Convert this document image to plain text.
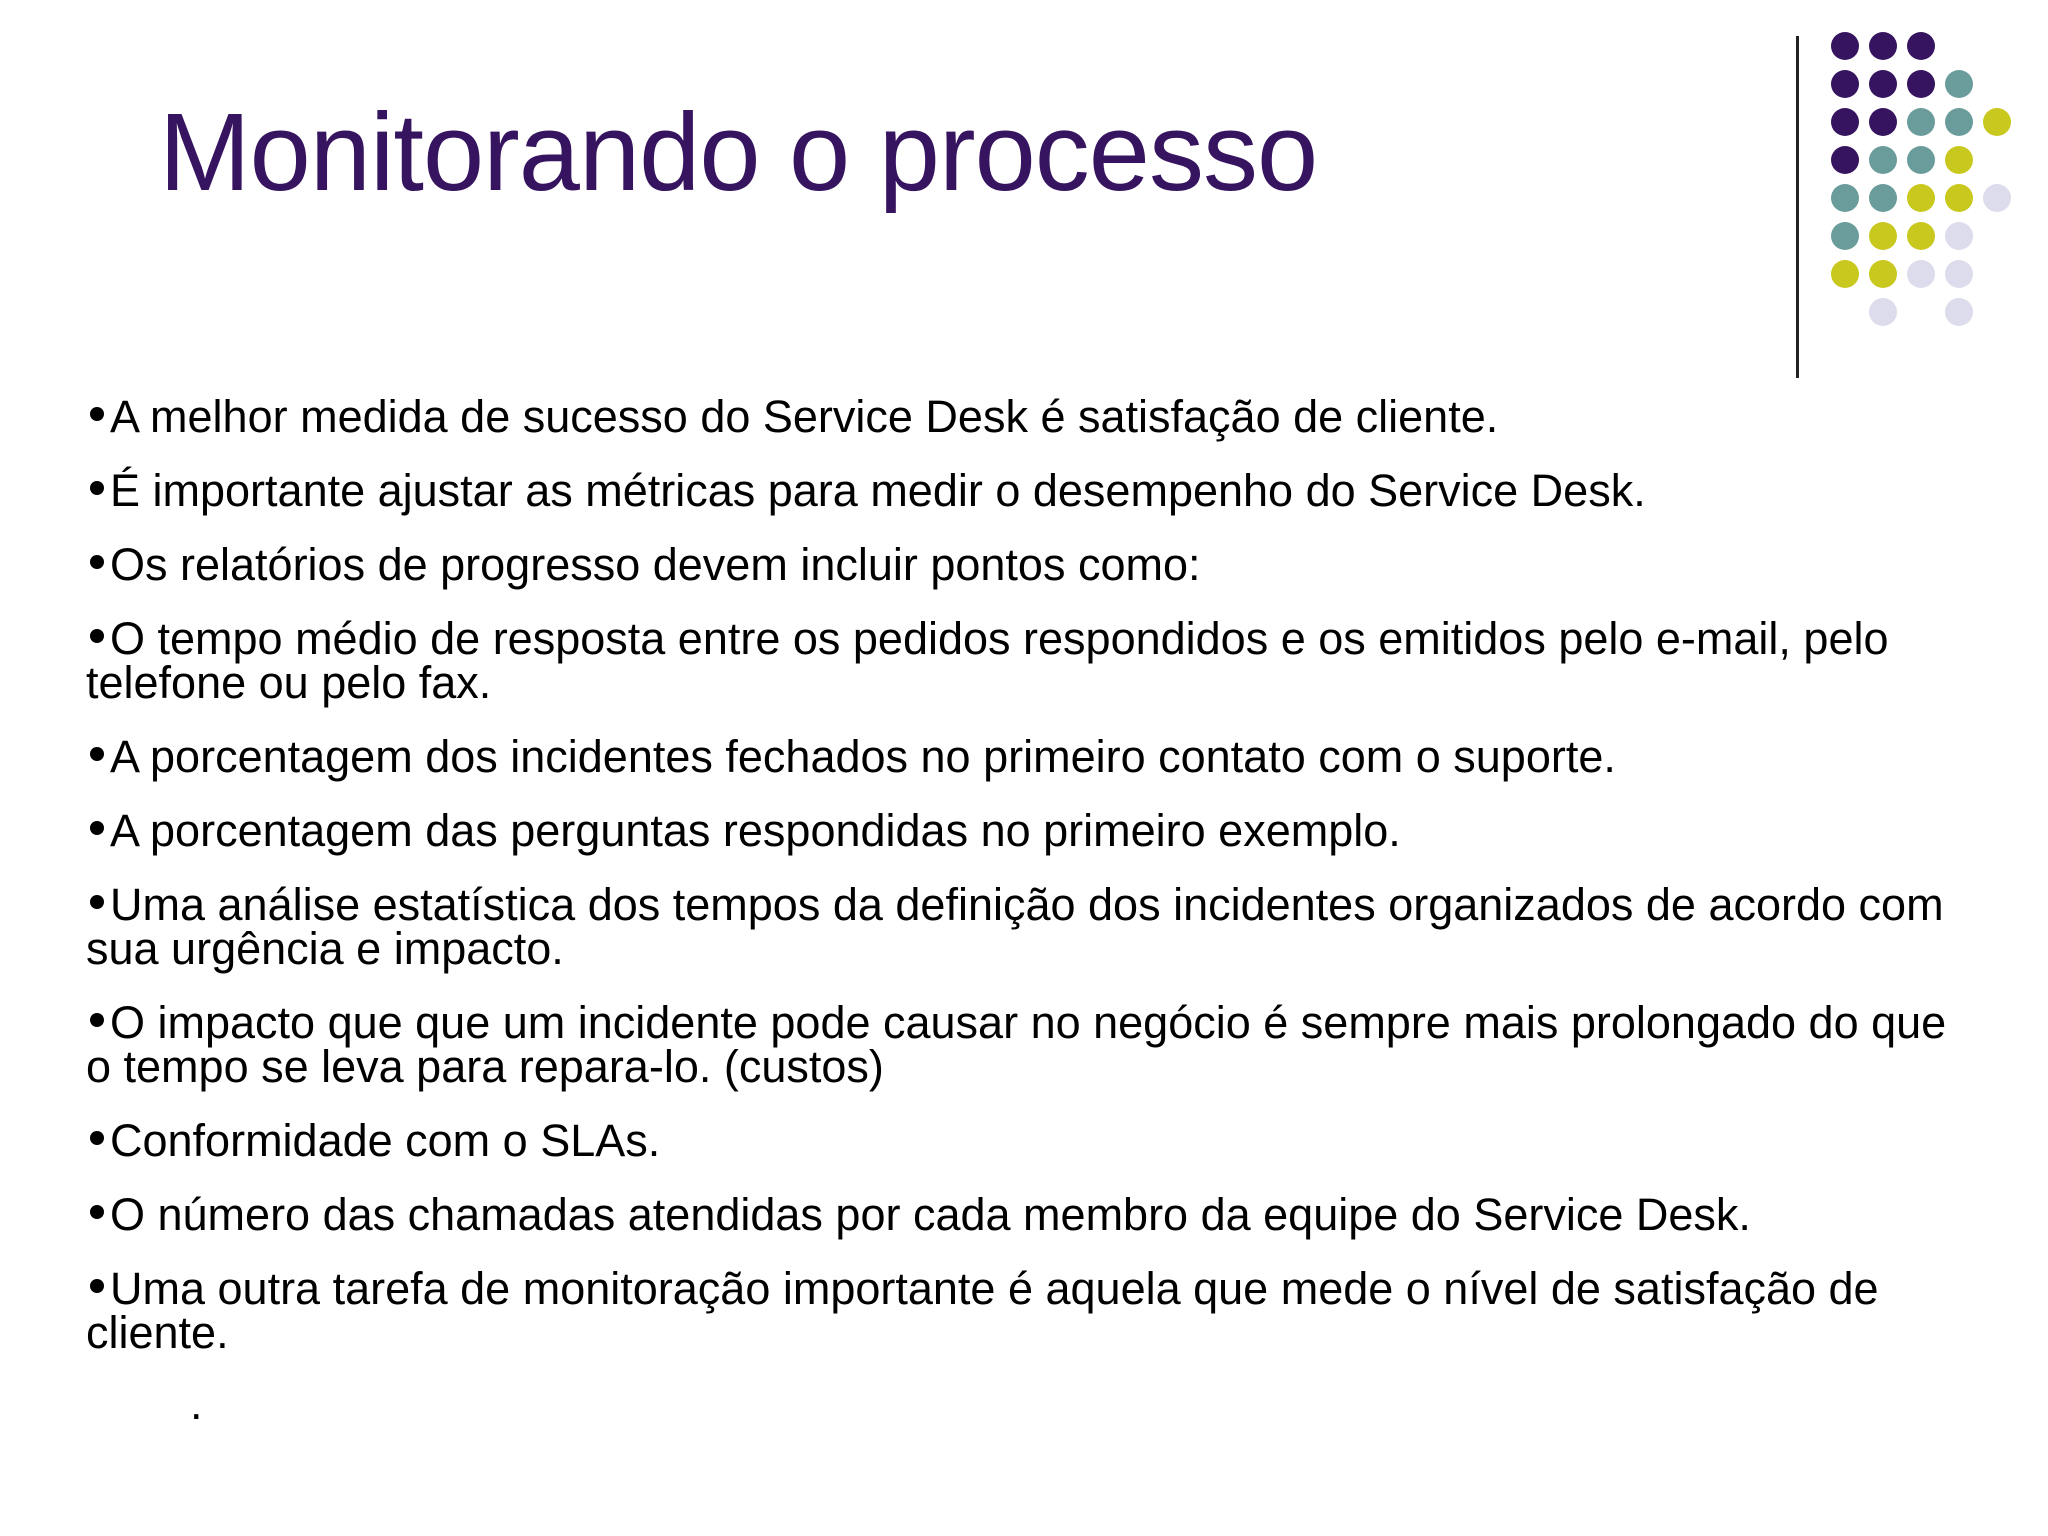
Monitorando o processo
A melhor medida de sucesso do Service Desk é satisfação de cliente.
É importante ajustar as métricas para medir o desempenho do Service Desk.
Os relatórios de progresso devem incluir pontos como:
O tempo médio de resposta entre os pedidos respondidos e os emitidos pelo e-mail, pelo telefone ou pelo fax.
A porcentagem dos incidentes fechados no primeiro contato com o suporte.
A porcentagem das perguntas respondidas no primeiro exemplo.
Uma análise estatística dos tempos da definição dos incidentes organizados de acordo com sua urgência e impacto.
O impacto que que um incidente pode causar no negócio é sempre mais prolongado do que o tempo se leva para repara-lo. (custos)
Conformidade com o SLAs.
O número das chamadas atendidas por cada membro da equipe do Service Desk.
Uma outra tarefa de monitoração importante é aquela que mede o nível de satisfação de cliente.
.
